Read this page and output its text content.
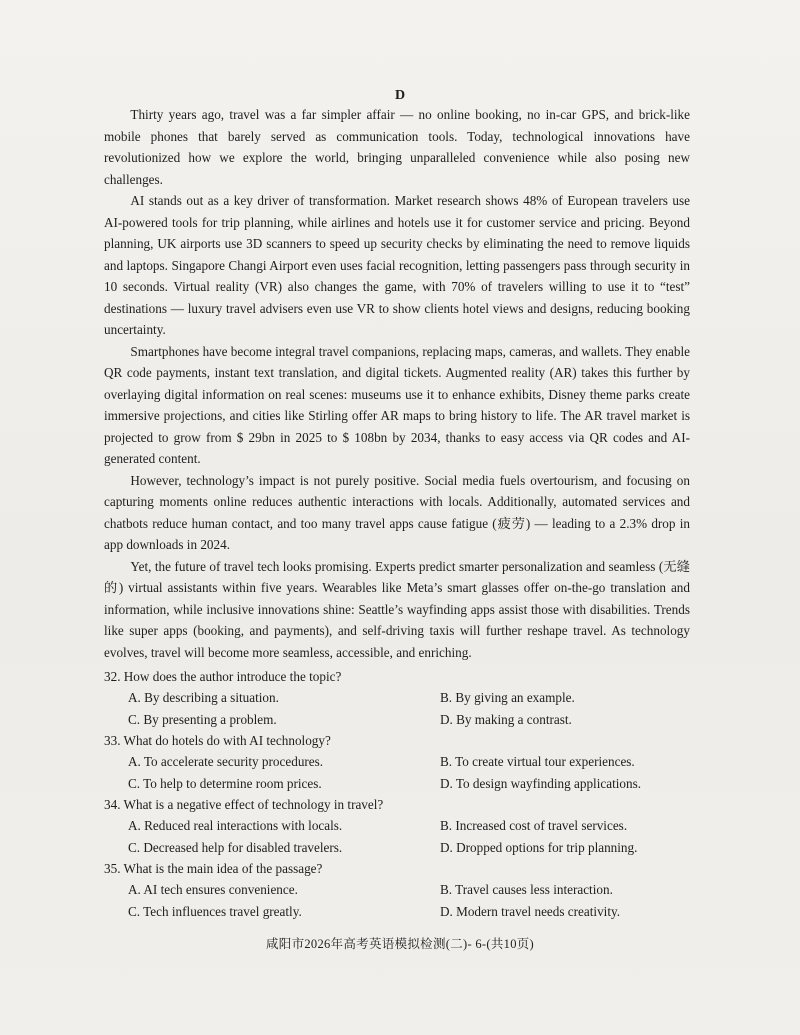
D

Thirty years ago, travel was a far simpler affair — no online booking, no in-car GPS, and brick-like mobile phones that barely served as communication tools. Today, technological innovations have revolutionized how we explore the world, bringing unparalleled convenience while also posing new challenges.

AI stands out as a key driver of transformation. Market research shows 48% of European travelers use AI-powered tools for trip planning, while airlines and hotels use it for customer service and pricing. Beyond planning, UK airports use 3D scanners to speed up security checks by eliminating the need to remove liquids and laptops. Singapore Changi Airport even uses facial recognition, letting passengers pass through security in 10 seconds. Virtual reality (VR) also changes the game, with 70% of travelers willing to use it to “test” destinations — luxury travel advisers even use VR to show clients hotel views and designs, reducing booking uncertainty.

Smartphones have become integral travel companions, replacing maps, cameras, and wallets. They enable QR code payments, instant text translation, and digital tickets. Augmented reality (AR) takes this further by overlaying digital information on real scenes: museums use it to enhance exhibits, Disney theme parks create immersive projections, and cities like Stirling offer AR maps to bring history to life. The AR travel market is projected to grow from $ 29bn in 2025 to $ 108bn by 2034, thanks to easy access via QR codes and AI-generated content.

However, technology’s impact is not purely positive. Social media fuels overtourism, and focusing on capturing moments online reduces authentic interactions with locals. Additionally, automated services and chatbots reduce human contact, and too many travel apps cause fatigue (疲劳) — leading to a 2.3% drop in app downloads in 2024.

Yet, the future of travel tech looks promising. Experts predict smarter personalization and seamless (无缝的) virtual assistants within five years. Wearables like Meta’s smart glasses offer on-the-go translation and information, while inclusive innovations shine: Seattle’s wayfinding apps assist those with disabilities. Trends like super apps (booking, and payments), and self-driving taxis will further reshape travel. As technology evolves, travel will become more seamless, accessible, and enriching.

32. How does the author introduce the topic?
A. By describing a situation.	B. By giving an example.
C. By presenting a problem.	D. By making a contrast.
33. What do hotels do with AI technology?
A. To accelerate security procedures.	B. To create virtual tour experiences.
C. To help to determine room prices.	D. To design wayfinding applications.
34. What is a negative effect of technology in travel?
A. Reduced real interactions with locals.	B. Increased cost of travel services.
C. Decreased help for disabled travelers.	D. Dropped options for trip planning.
35. What is the main idea of the passage?
A. AI tech ensures convenience.	B. Travel causes less interaction.
C. Tech influences travel greatly.	D. Modern travel needs creativity.
咸阳市2026年高考英语模拟检测(二)- 6-(共10页)
